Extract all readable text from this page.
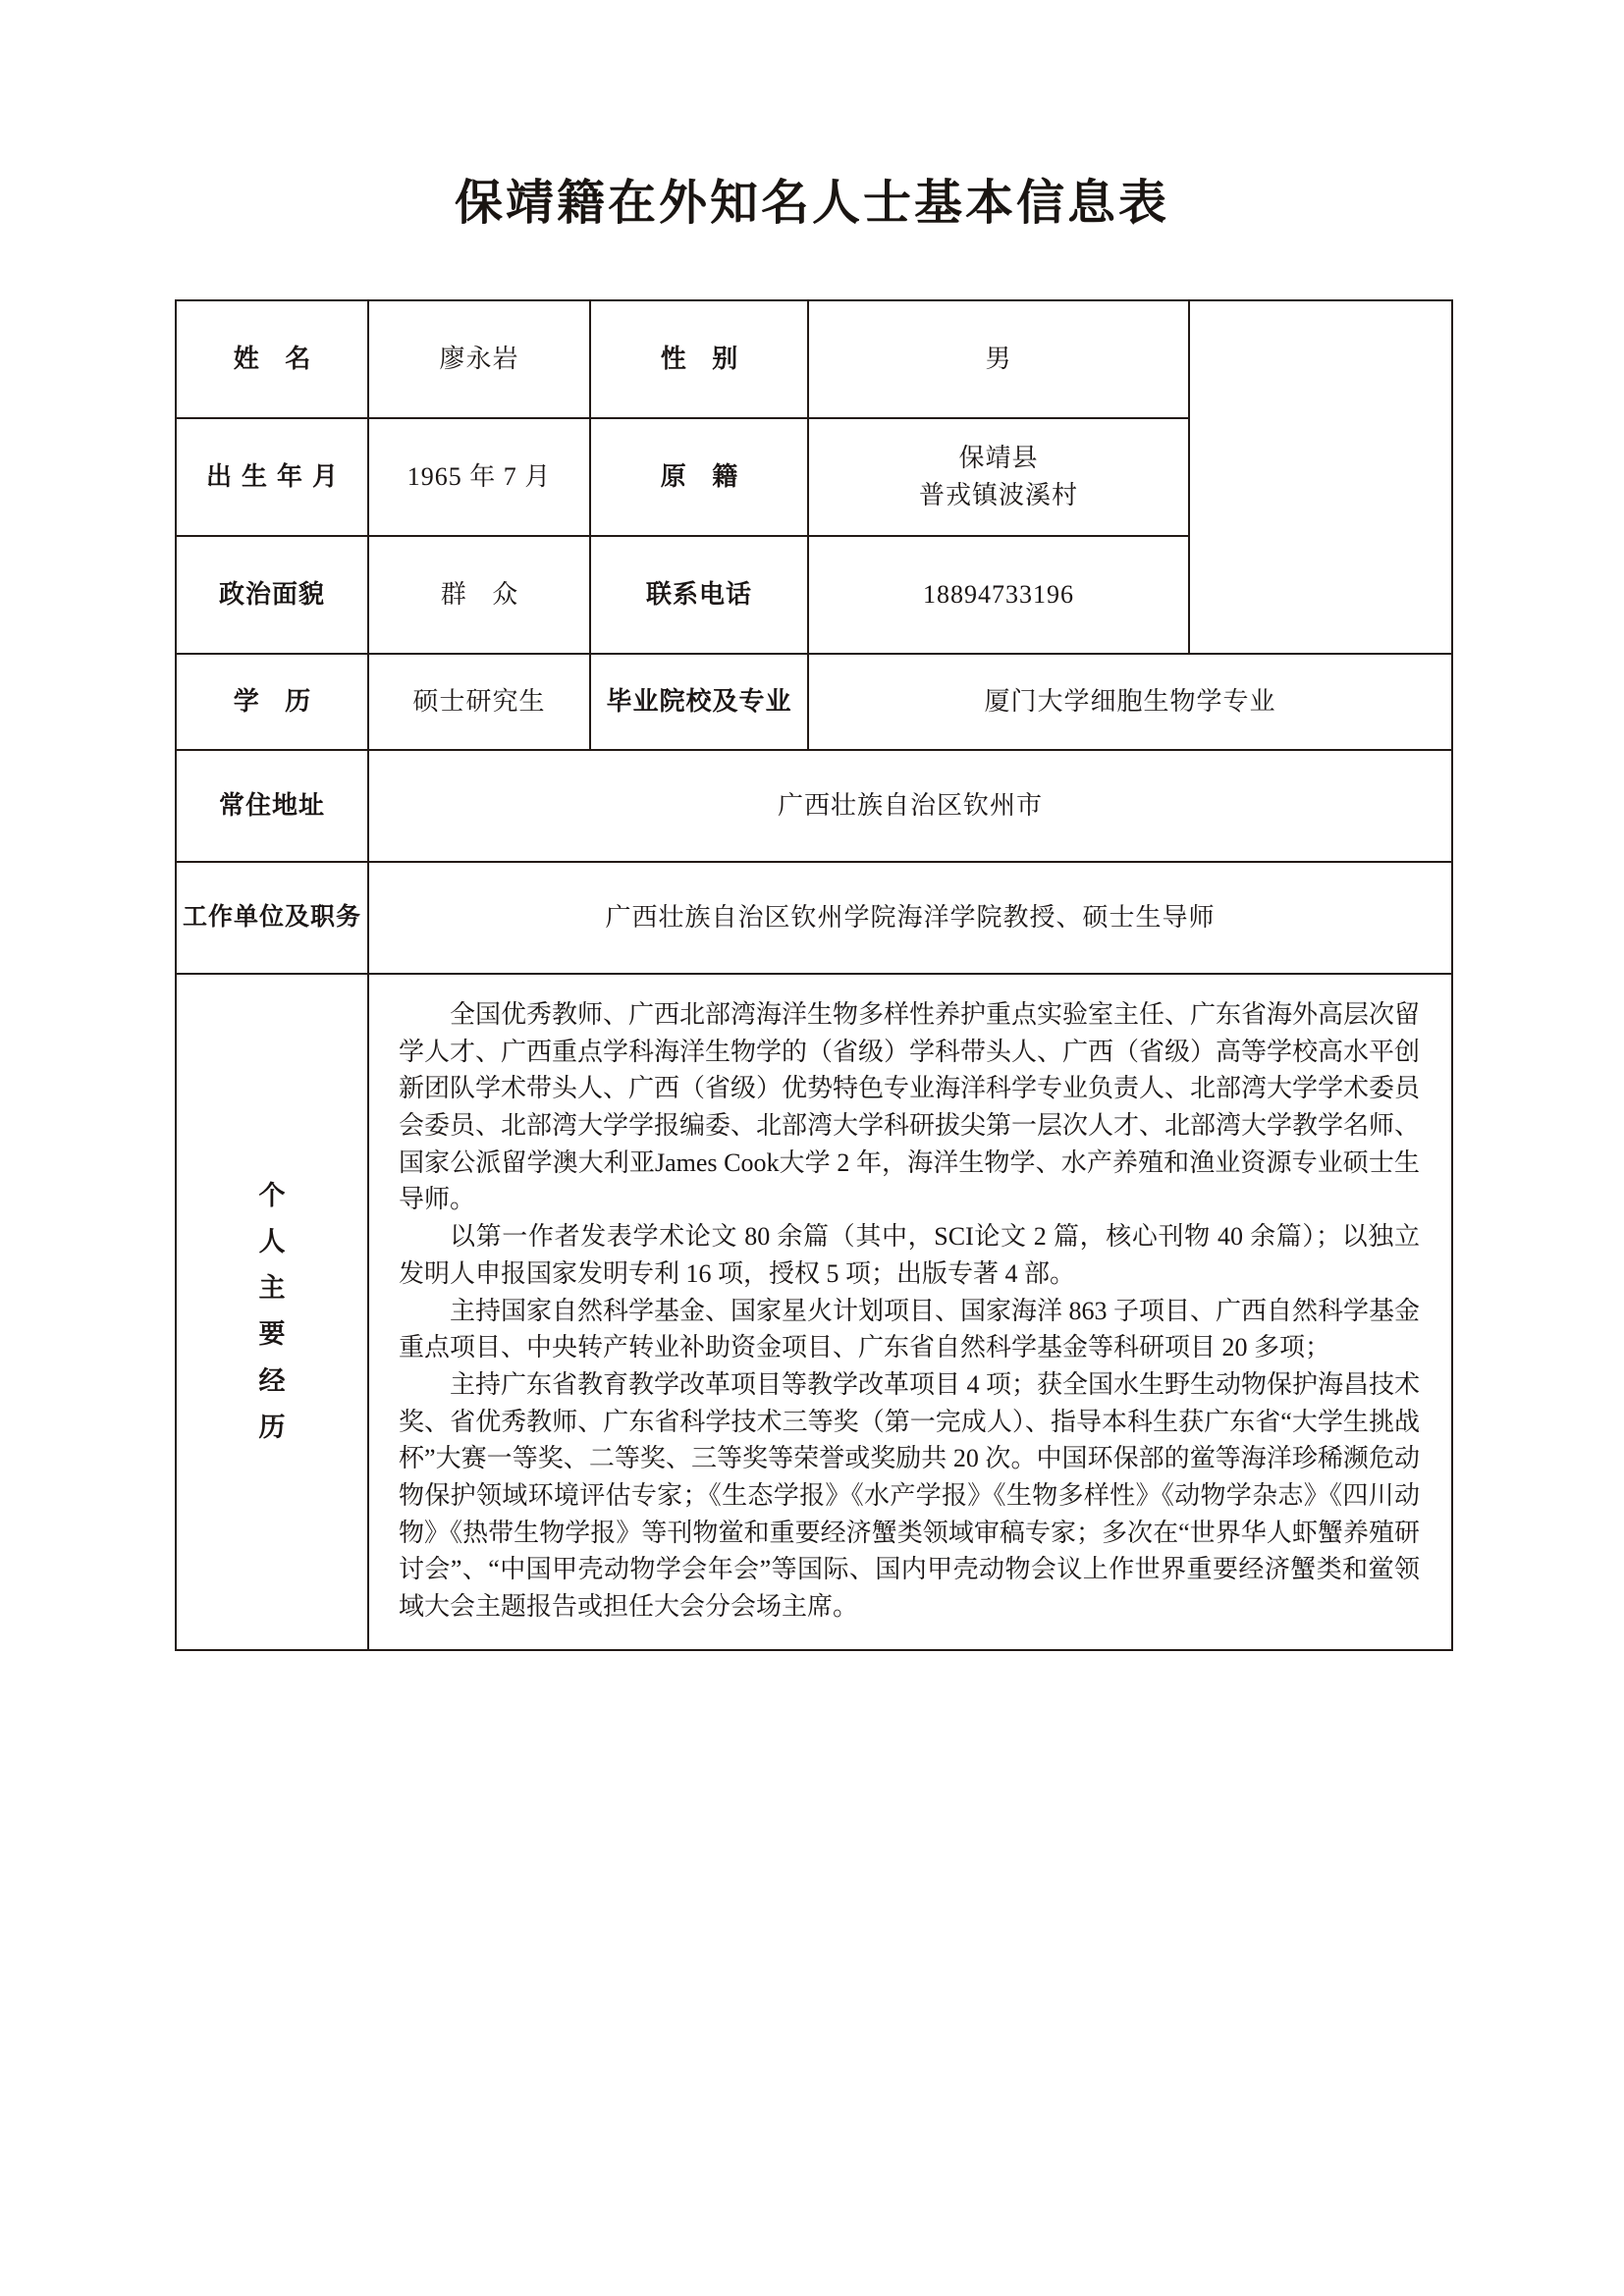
保靖籍在外知名人士基本信息表
姓 名	廖永岩	性 别	男	

出生年月	1965 年 7 月	原 籍	保靖县
普戎镇波溪村	

政治面貌	群 众	联系电话	18894733196	
学 历	硕士研究生	毕业院校及专业	厦门大学细胞生物学专业	
常住地址	广西壮族自治区钦州市			
工作单位及职务	广西壮族自治区钦州学院海洋学院教授、硕士生导师			

个
人
主
要
经
历

全国优秀教师、广西北部湾海洋生物多样性养护重点实验室主任、广东省海外高层次留学人才、广西重点学科海洋生物学的（省级）学科带头人、广西（省级）高等学校高水平创新团队学术带头人、广西（省级）优势特色专业海洋科学专业负责人、北部湾大学学术委员会委员、北部湾大学学报编委、北部湾大学科研拔尖第一层次人才、北部湾大学教学名师、国家公派留学澳大利亚James Cook大学 2 年，海洋生物学、水产养殖和渔业资源专业硕士生导师。

以第一作者发表学术论文 80 余篇（其中，SCI论文 2 篇，核心刊物 40 余篇）；以独立发明人申报国家发明专利 16 项，授权 5 项；出版专著 4 部。

主持国家自然科学基金、国家星火计划项目、国家海洋 863 子项目、广西自然科学基金重点项目、中央转产转业补助资金项目、广东省自然科学基金等科研项目 20 多项；

主持广东省教育教学改革项目等教学改革项目 4 项；获全国水生野生动物保护海昌技术奖、省优秀教师、广东省科学技术三等奖（第一完成人）、指导本科生获广东省“大学生挑战杯”大赛一等奖、二等奖、三等奖等荣誉或奖励共 20 次。中国环保部的鲎等海洋珍稀濒危动物保护领域环境评估专家；《生态学报》《水产学报》《生物多样性》《动物学杂志》《四川动物》《热带生物学报》等刊物鲎和重要经济蟹类领域审稿专家；多次在“世界华人虾蟹养殖研讨会”、“中国甲壳动物学会年会”等国际、国内甲壳动物会议上作世界重要经济蟹类和鲎领域大会主题报告或担任大会分会场主席。
